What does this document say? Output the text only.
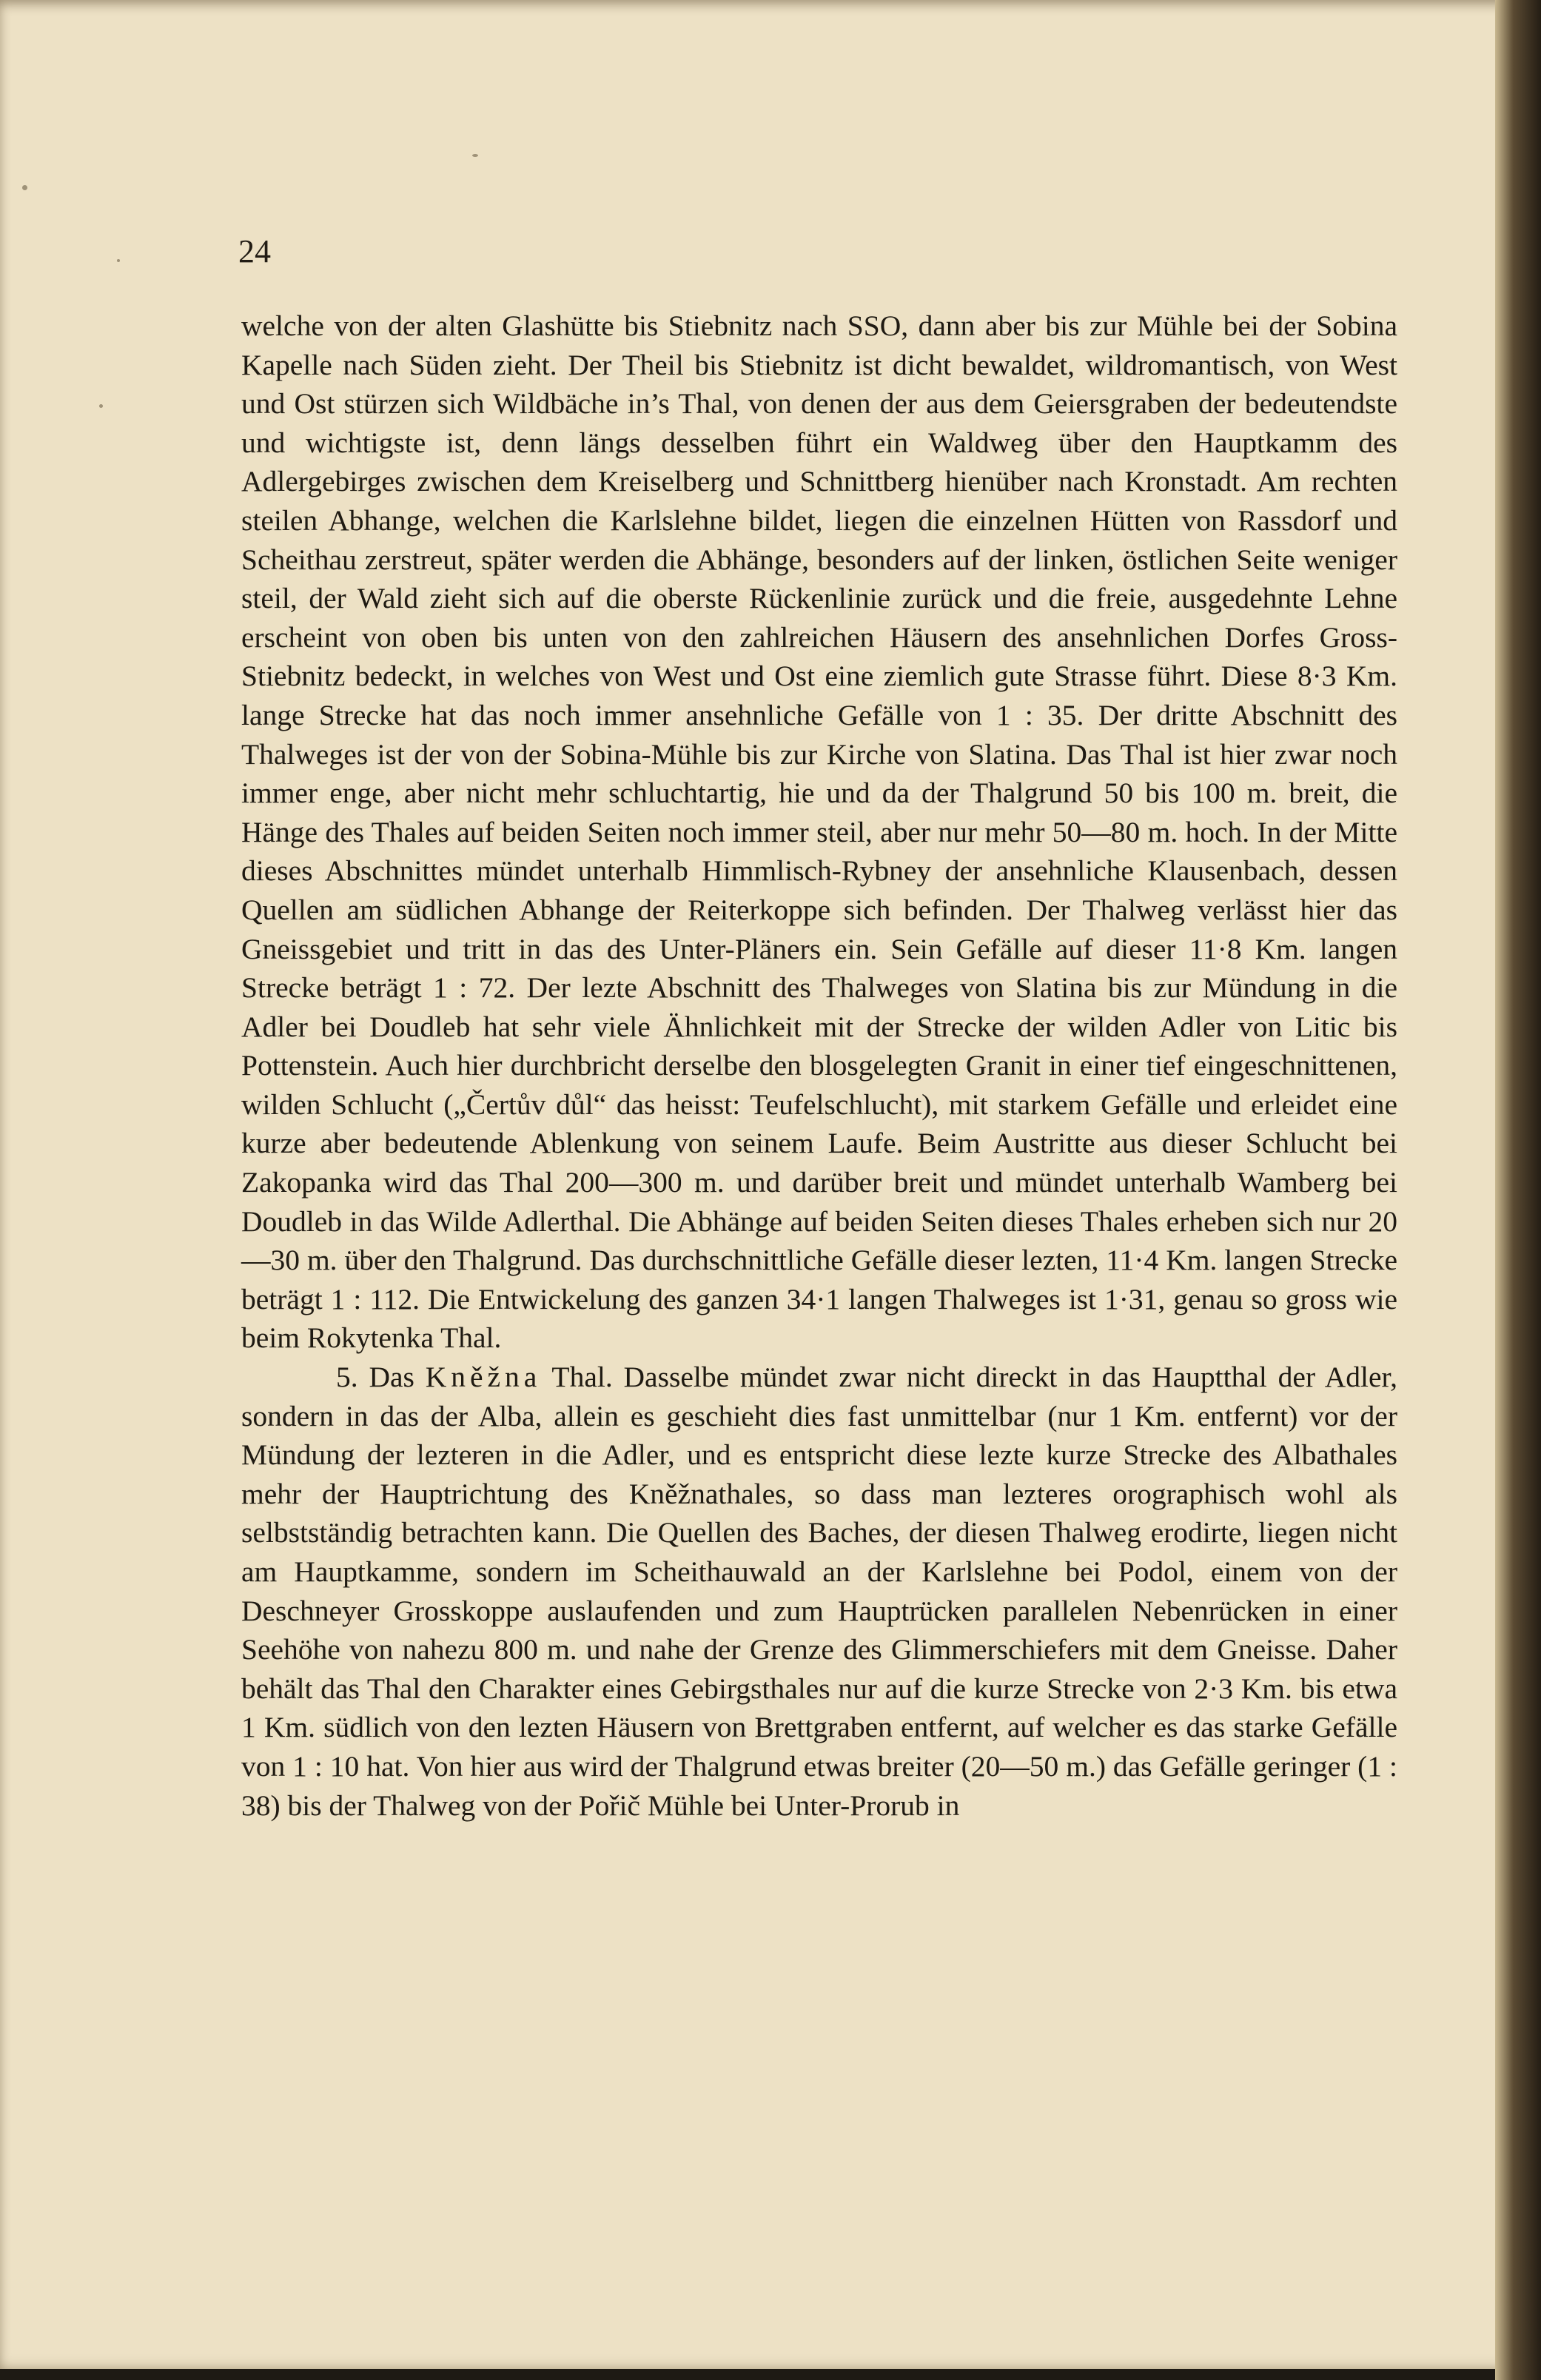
24

welche von der alten Glashütte bis Stiebnitz nach SSO, dann aber bis zur Mühle bei der Sobina Kapelle nach Süden zieht. Der Theil bis Stiebnitz ist dicht bewaldet, wildromantisch, von West und Ost stürzen sich Wildbäche in’s Thal, von denen der aus dem Geiersgraben der bedeutendste und wichtigste ist, denn längs desselben führt ein Waldweg über den Hauptkamm des Adlergebirges zwischen dem Kreiselberg und Schnittberg hienüber nach Kronstadt. Am rechten steilen Abhange, welchen die Karlslehne bildet, liegen die einzelnen Hütten von Rassdorf und Scheithau zerstreut, später werden die Abhänge, besonders auf der linken, östlichen Seite weniger steil, der Wald zieht sich auf die oberste Rückenlinie zurück und die freie, ausgedehnte Lehne erscheint von oben bis unten von den zahlreichen Häusern des ansehnlichen Dorfes Gross-Stiebnitz bedeckt, in welches von West und Ost eine ziemlich gute Strasse führt. Diese 8·3 Km. lange Strecke hat das noch immer ansehnliche Gefälle von 1 : 35. Der dritte Abschnitt des Thalweges ist der von der Sobina-Mühle bis zur Kirche von Slatina. Das Thal ist hier zwar noch immer enge, aber nicht mehr schluchtartig, hie und da der Thalgrund 50 bis 100 m. breit, die Hänge des Thales auf beiden Seiten noch immer steil, aber nur mehr 50—80 m. hoch. In der Mitte dieses Abschnittes mündet unterhalb Himmlisch-Rybney der ansehnliche Klausenbach, dessen Quellen am südlichen Abhange der Reiterkoppe sich befinden. Der Thalweg verlässt hier das Gneissgebiet und tritt in das des Unter-Pläners ein. Sein Gefälle auf dieser 11·8 Km. langen Strecke beträgt 1 : 72. Der lezte Abschnitt des Thalweges von Slatina bis zur Mündung in die Adler bei Doudleb hat sehr viele Ähnlichkeit mit der Strecke der wilden Adler von Litic bis Pottenstein. Auch hier durchbricht derselbe den blosgelegten Granit in einer tief eingeschnittenen, wilden Schlucht („Čertův důl“ das heisst: Teufelschlucht), mit starkem Gefälle und erleidet eine kurze aber bedeutende Ablenkung von seinem Laufe. Beim Austritte aus dieser Schlucht bei Zakopanka wird das Thal 200—300 m. und darüber breit und mündet unterhalb Wamberg bei Doudleb in das Wilde Adlerthal. Die Abhänge auf beiden Seiten dieses Thales erheben sich nur 20—30 m. über den Thalgrund. Das durchschnittliche Gefälle dieser lezten, 11·4 Km. langen Strecke beträgt 1 : 112. Die Entwickelung des ganzen 34·1 langen Thalweges ist 1·31, genau so gross wie beim Rokytenka Thal.

5. Das Kněžna Thal. Dasselbe mündet zwar nicht direckt in das Hauptthal der Adler, sondern in das der Alba, allein es geschieht dies fast unmittelbar (nur 1 Km. entfernt) vor der Mündung der lezteren in die Adler, und es entspricht diese lezte kurze Strecke des Albathales mehr der Hauptrichtung des Kněžnathales, so dass man lezteres orographisch wohl als selbstständig betrachten kann. Die Quellen des Baches, der diesen Thalweg erodirte, liegen nicht am Hauptkamme, sondern im Scheithauwald an der Karlslehne bei Podol, einem von der Deschneyer Grosskoppe auslaufenden und zum Hauptrücken parallelen Nebenrücken in einer Seehöhe von nahezu 800 m. und nahe der Grenze des Glimmerschiefers mit dem Gneisse. Daher behält das Thal den Charakter eines Gebirgsthales nur auf die kurze Strecke von 2·3 Km. bis etwa 1 Km. südlich von den lezten Häusern von Brettgraben entfernt, auf welcher es das starke Gefälle von 1 : 10 hat. Von hier aus wird der Thalgrund etwas breiter (20—50 m.) das Gefälle geringer (1 : 38) bis der Thalweg von der Pořič Mühle bei Unter-Prorub in
